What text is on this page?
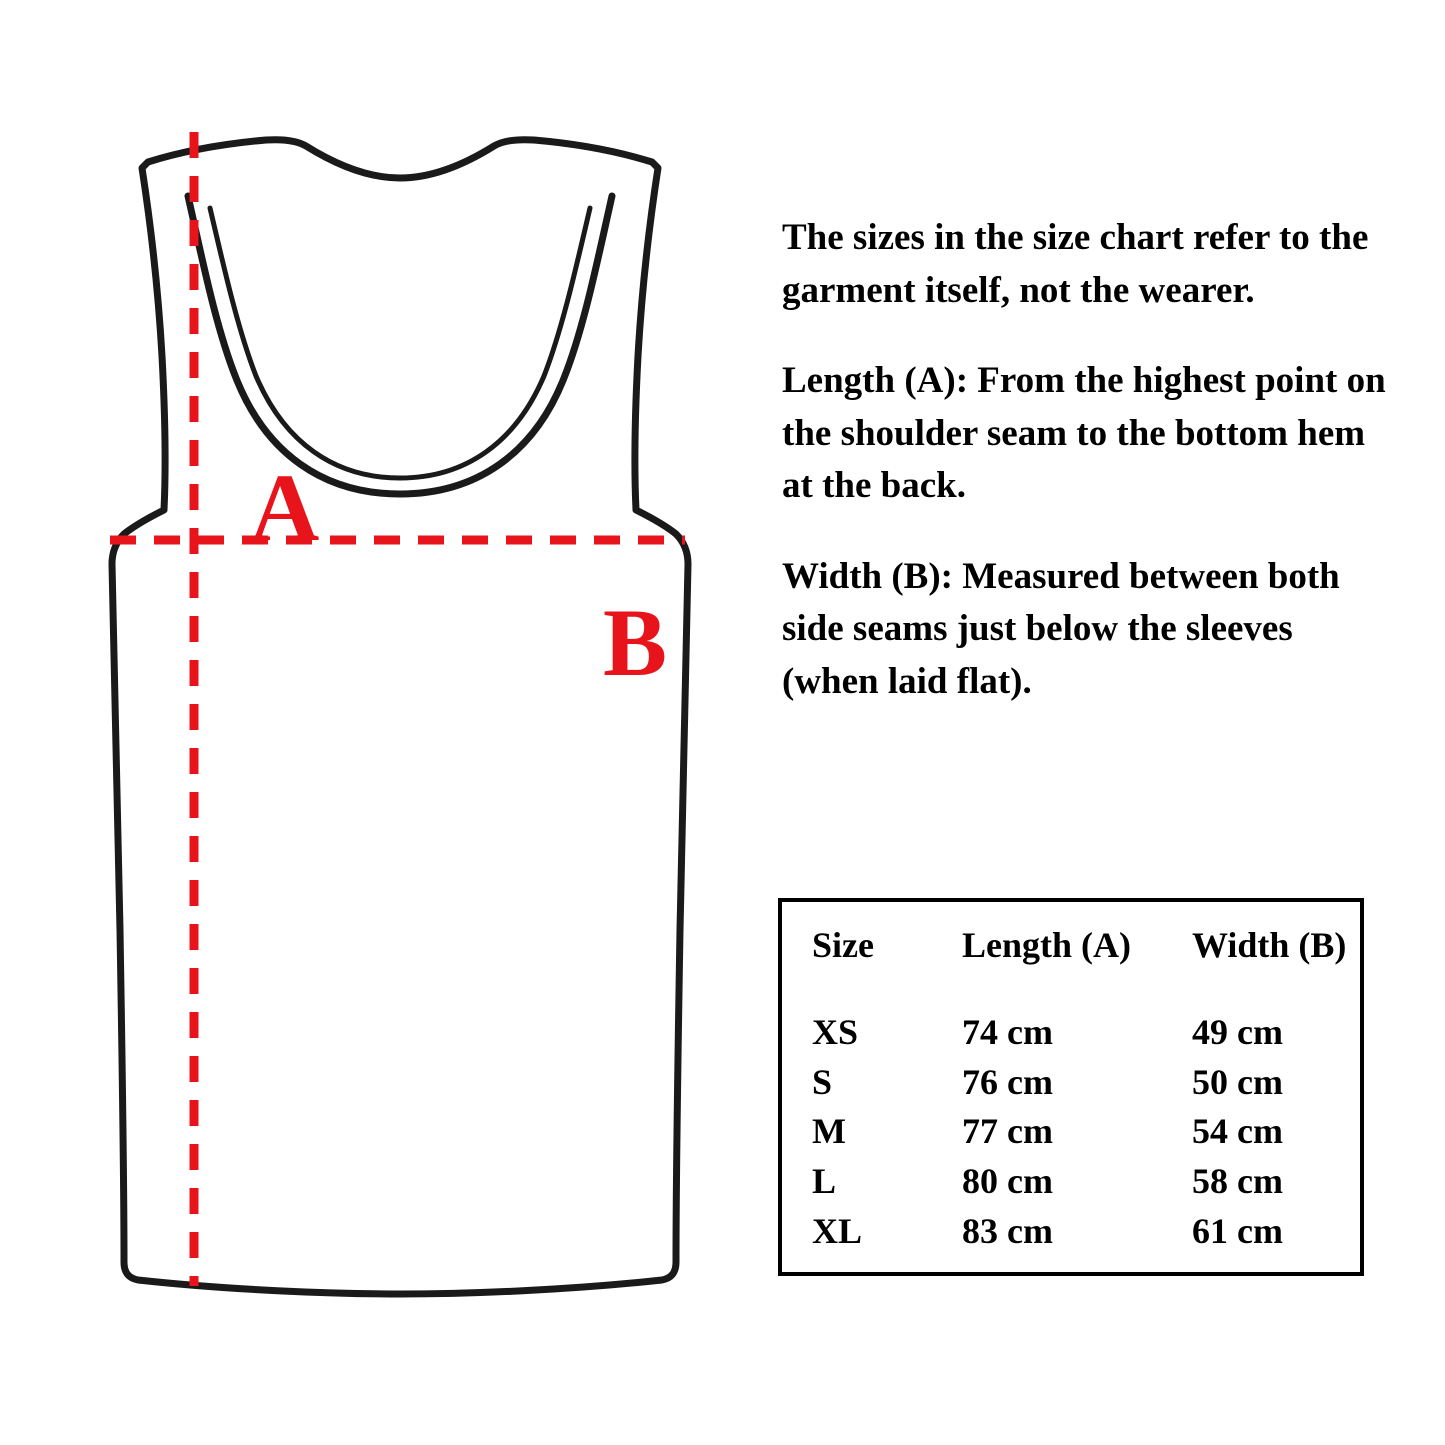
A
B

The sizes in the size chart refer to the garment itself, not the wearer.

Length (A): From the highest point on the shoulder seam to the bottom hem at the back.

Width (B): Measured between both side seams just below the sleeves (when laid flat).

Size	Length (A)	Width (B)

XS	74 cm	49 cm
S	76 cm	50 cm
M	77 cm	54 cm
L	80 cm	58 cm
XL	83 cm	61 cm
